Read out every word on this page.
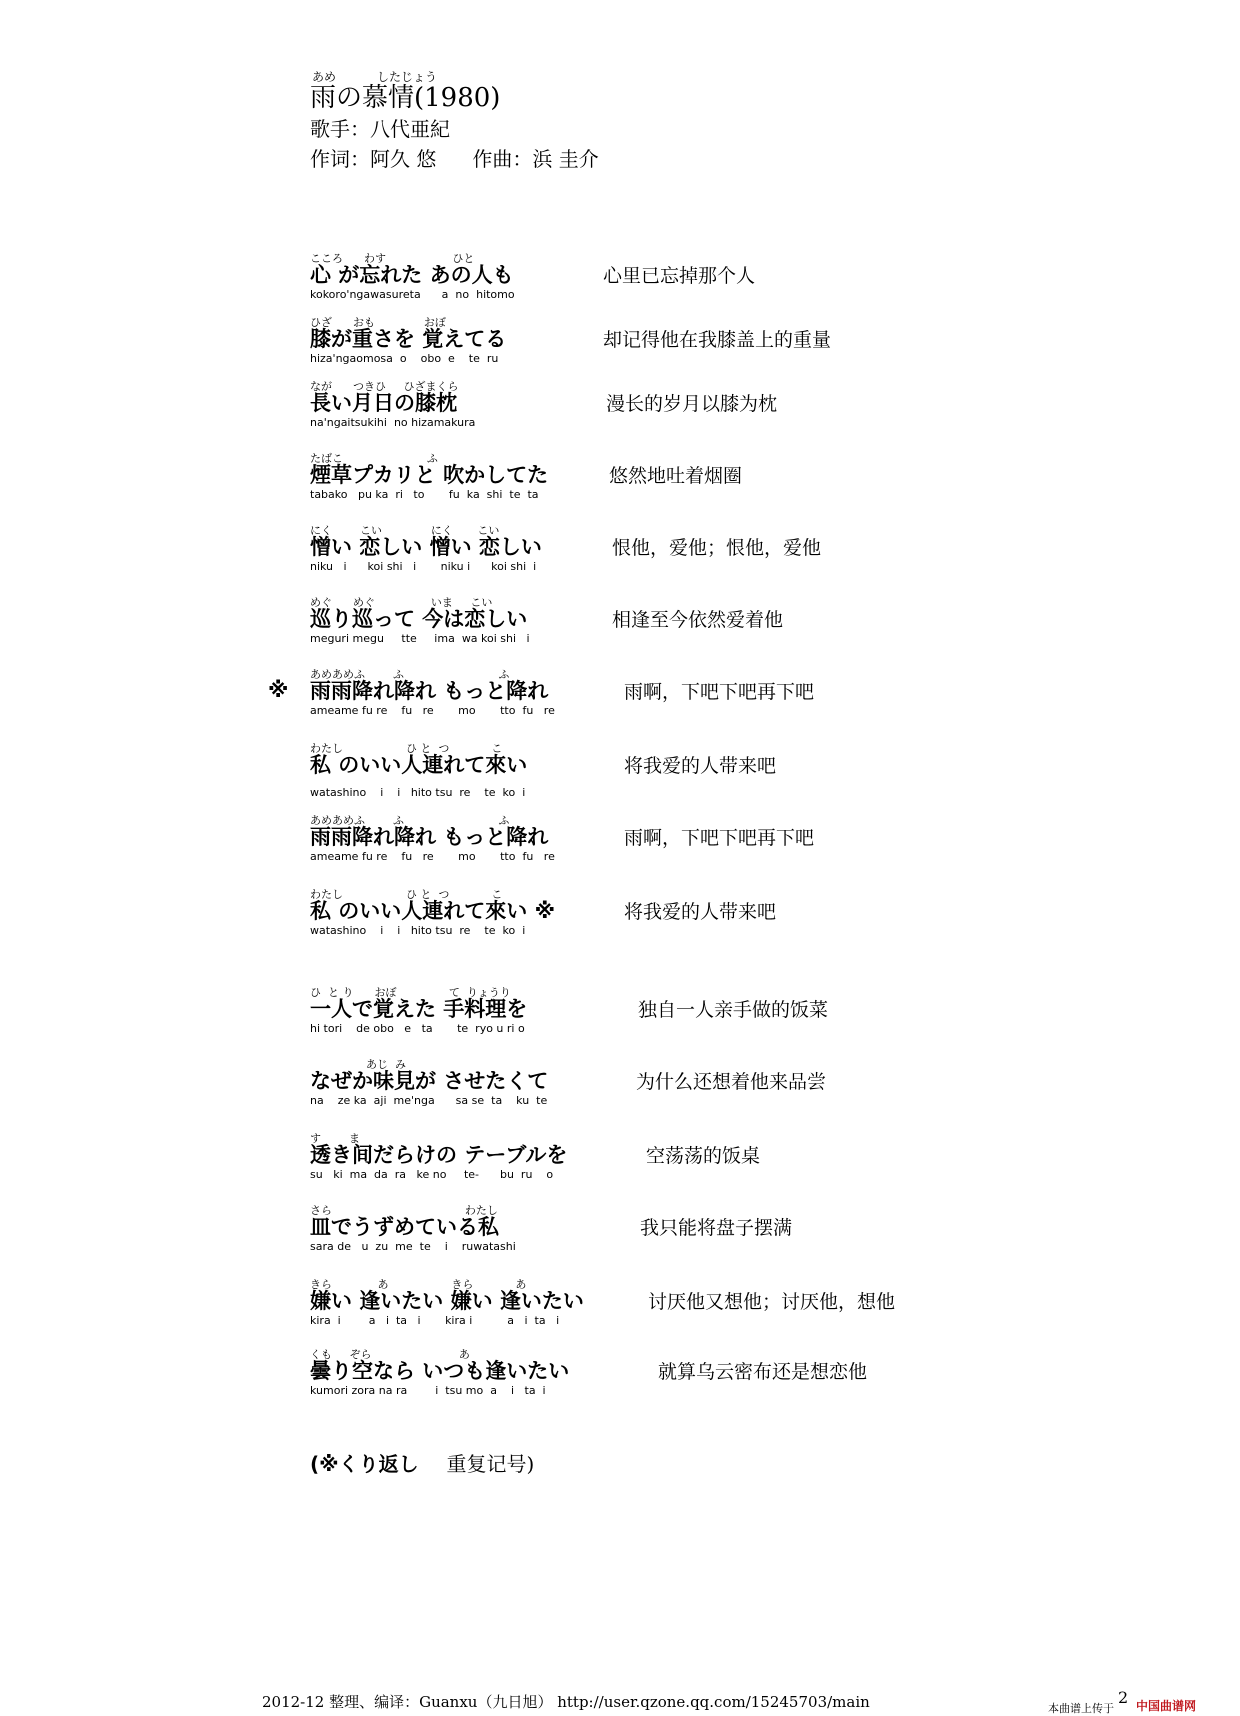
あめ	したじょう
雨の慕情(1980)
歌手：八代亜紀
作词：阿久 悠 作曲：浜 圭介
こころ      わす                   ひと
心 が忘れた あの人も
kokoro'ngawasureta      a  no  hitomo
心里已忘掉那个人
ひざ      おも              おぼ
膝が重さを 覚えてる
hiza'ngaomosa  o    obo  e    te  ru
却记得他在我膝盖上的重量
なが      つきひ     ひざまくら
長い月日の膝枕
na'ngaitsukihi  no hizamakura
漫长的岁月以膝为枕
たばこ                        ふ
煙草プカリと 吹かしてた
tabako   pu ka  ri   to       fu  ka  shi  te  ta
悠然地吐着烟圈
にく        こい              にく       こい
憎い 恋しい 憎い 恋しい
niku   i      koi shi   i       niku i      koi shi  i
恨他，爱他；恨他，爱他
めぐ      めぐ                いま     こい
巡り巡って 今は恋しい
meguri megu     tte     ima  wa koi shi   i
相逢至今依然爱着他
※
あめあめふ        ふ                           ふ
雨雨降れ降れ もっと降れ
ameame fu re    fu   re       mo       tto  fu   re
雨啊，下吧下吧再下吧
わたし                  ひ と  つ            こ
私 のいい人連れて來い
watashino    i    i   hito tsu  re    te  ko  i
将我爱的人带来吧
あめあめふ        ふ                           ふ
雨雨降れ降れ もっと降れ
ameame fu re    fu   re       mo       tto  fu   re
雨啊，下吧下吧再下吧
わたし                  ひ と  つ            こ
私 のいい人連れて來い ※
watashino    i    i   hito tsu  re    te  ko  i
将我爱的人带来吧
ひ  と り      おぼ               て  りょうり
一人で覚えた 手料理を
hi tori    de obo   e   ta       te  ryo u ri o
独自一人亲手做的饭菜
あじ  み
なぜか味見が させたくて
na    ze ka  aji  me'nga      sa se  ta    ku  te
为什么还想着他来品尝
す        ま
透き间だらけの テーブルを
su   ki  ma  da  ra   ke no     te-      bu  ru    o
空荡荡的饭桌
さら                                      わたし
皿でうずめている私
sara de   u  zu  me  te    i    ruwatashi
我只能将盘子摆满
きら             あ                  きら            あ
嫌い 逢いたい 嫌い 逢いたい
kira  i        a   i  ta   i       kira i          a   i  ta   i
讨厌他又想他；讨厌他，想他
くも     ぞら                         あ
曇り空なら いつも逢いたい
kumori zora na ra        i  tsu mo  a    i   ta  i
就算乌云密布还是想恋他
(※くり返し 重复记号)
2012-12 整理、编译：Guanxu（九日旭） http://user.qzone.qq.com/15245703/main	2
本曲谱上传于 中国曲谱网
